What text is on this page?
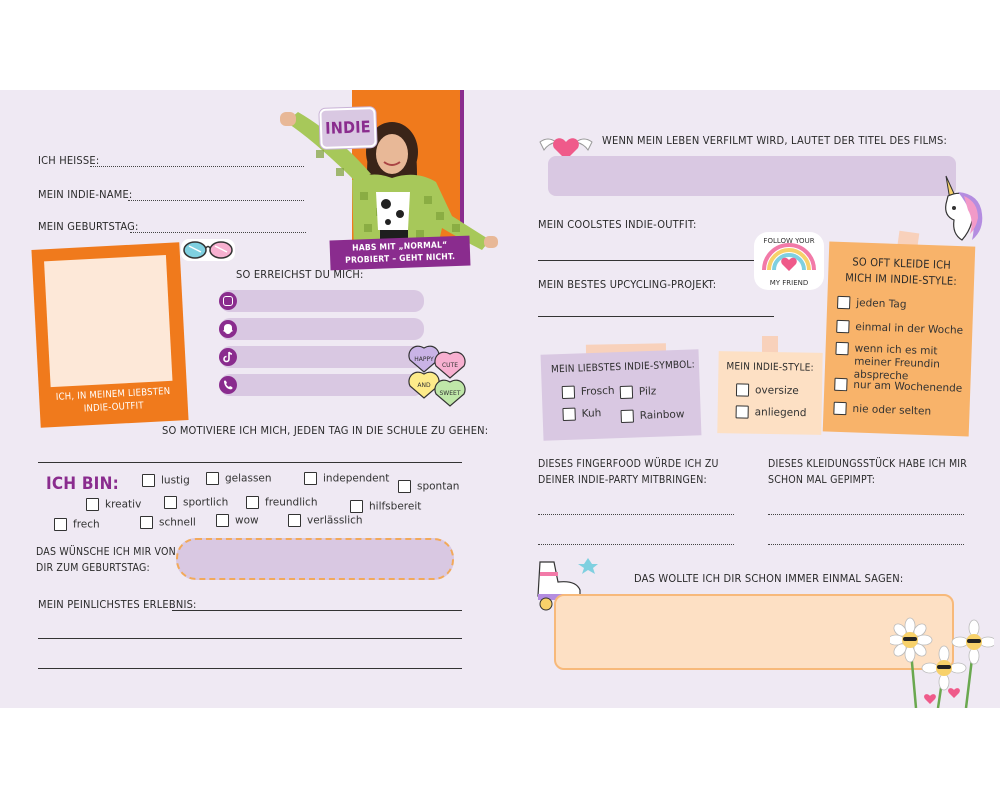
INDIE
HABS MIT „NORMAL“ PROBIERT – GEHT NICHT.
ICH HEISSE:
MEIN INDIE-NAME:
MEIN GEBURTSTAG:
ICH, IN MEINEM LIEBSTEN INDIE-OUTFIT
SO ERREICHST DU MICH:
HAPPY
CUTE
AND
SWEET
SO MOTIVIERE ICH MICH, JEDEN TAG IN DIE SCHULE ZU GEHEN:
ICH BIN:	lustig	gelassen	independent
spontan
kreativ	sportlich	freundlich	hilfsbereit
frech	schnell	wow	verlässlich
DAS WÜNSCHE ICH MIR VON DIR ZUM GEBURTSTAG:
MEIN PEINLICHSTES ERLEBNIS:
WENN MEIN LEBEN VERFILMT WIRD, LAUTET DER TITEL DES FILMS:
MEIN COOLSTES INDIE-OUTFIT:
FOLLOW YOUR
MY FRIEND
MEIN BESTES UPCYCLING-PROJEKT:
SO OFT KLEIDE ICH MICH IM INDIE-STYLE:
jeden Tag
einmal in der Woche
wenn ich es mit meiner Freundin abspreche
nur am Wochenende
nie oder selten
MEIN LIEBSTES INDIE-SYMBOL:
Frosch	Pilz
Kuh	Rainbow
MEIN INDIE-STYLE:
oversize
anliegend
DIESES FINGERFOOD WÜRDE ICH ZU DEINER INDIE-PARTY MITBRINGEN:
DIESES KLEIDUNGSSTÜCK HABE ICH MIR SCHON MAL GEPIMPT:
DAS WOLLTE ICH DIR SCHON IMMER EINMAL SAGEN:
